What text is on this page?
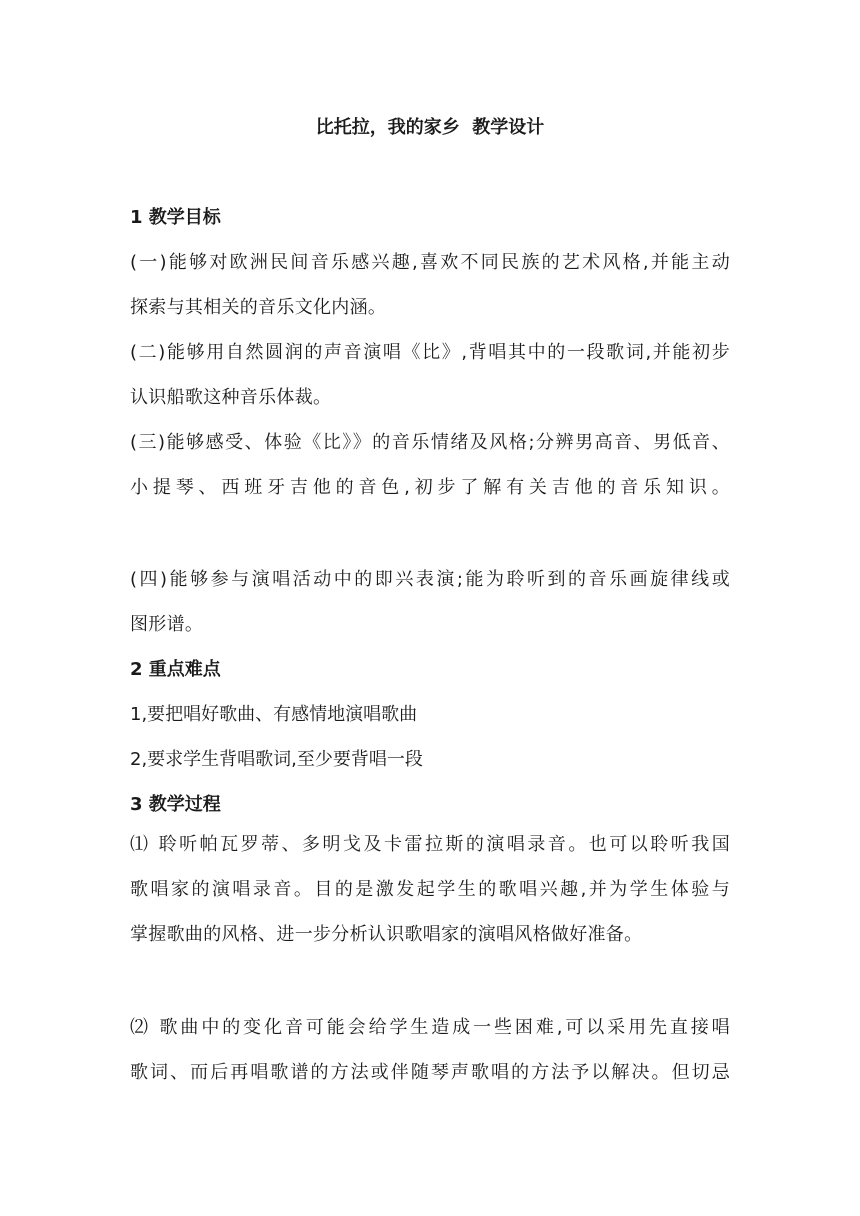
比托拉，我的家乡  教学设计
1 教学目标
(一)能够对欧洲民间音乐感兴趣,喜欢不同民族的艺术风格,并能主动
探索与其相关的音乐文化内涵。
(二)能够用自然圆润的声音演唱《比》,背唱其中的一段歌词,并能初步
认识船歌这种音乐体裁。
(三)能够感受、体验《比》》的音乐情绪及风格;分辨男高音、男低音、
小提琴、西班牙吉他的音色,初步了解有关吉他的音乐知识。
(四)能够参与演唱活动中的即兴表演;能为聆听到的音乐画旋律线或
图形谱。
2 重点难点
1,要把唱好歌曲、有感情地演唱歌曲
2,要求学生背唱歌词,至少要背唱一段
3 教学过程
⑴ 聆听帕瓦罗蒂、多明戈及卡雷拉斯的演唱录音。也可以聆听我国
歌唱家的演唱录音。目的是激发起学生的歌唱兴趣,并为学生体验与
掌握歌曲的风格、进一步分析认识歌唱家的演唱风格做好准备。
⑵ 歌曲中的变化音可能会给学生造成一些困难,可以采用先直接唱
歌词、而后再唱歌谱的方法或伴随琴声歌唱的方法予以解决。但切忌
